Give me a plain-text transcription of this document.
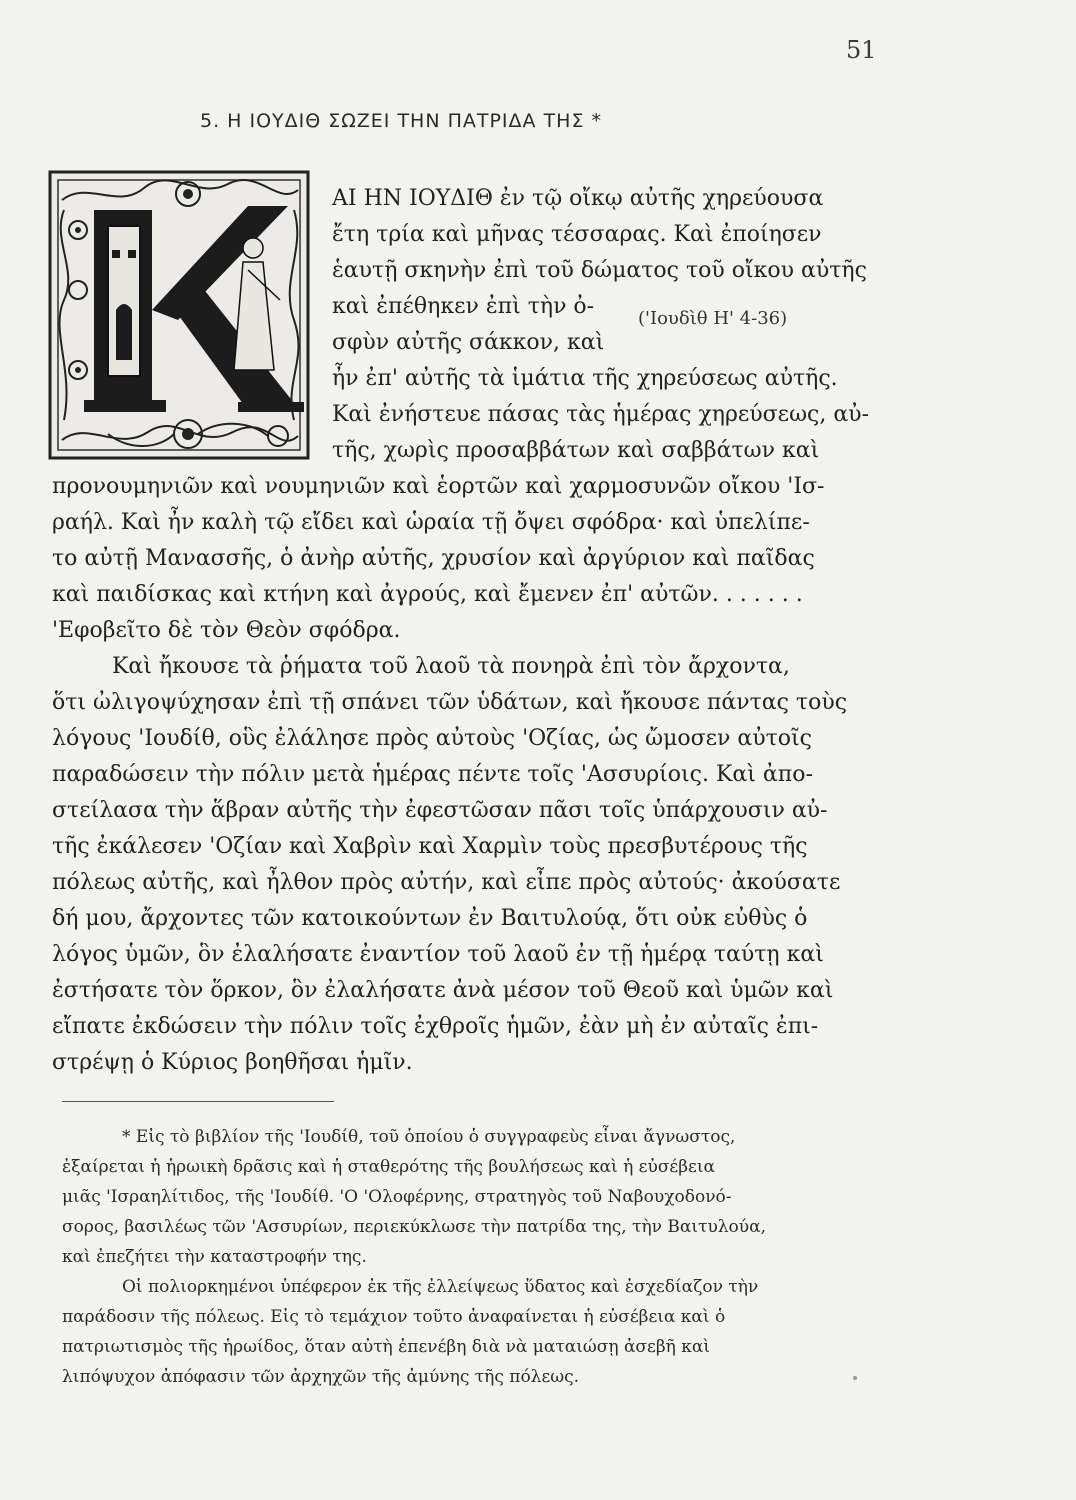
51
5. Η ΙΟΥΔΙΘ ΣΩΖΕΙ ΤΗΝ ΠΑΤΡΙΔΑ ΤΗΣ *
ΑΙ ΗΝ ΙΟΥΔΙΘ ἐν τῷ οἴκῳ αὐτῆς χηρεύουσα
ἔτη τρία καὶ μῆνας τέσσαρας. Καὶ ἐποίησεν
ἑαυτῇ σκηνὴν ἐπὶ τοῦ δώματος τοῦ οἴκου αὐτῆς
καὶ ἐπέθηκεν ἐπὶ τὴν ὀ-
σφὺν αὐτῆς σάκκον, καὶ
ἦν ἐπ' αὐτῆς τὰ ἱμάτια τῆς χηρεύσεως αὐτῆς.
Καὶ ἐνήστευε πάσας τὰς ἡμέρας χηρεύσεως, αὐ-
τῆς, χωρὶς προσαββάτων καὶ σαββάτων καὶ
προνουμηνιῶν καὶ νουμηνιῶν καὶ ἑορτῶν καὶ χαρμοσυνῶν οἴκου 'Ισ-
ραήλ. Καὶ ἦν καλὴ τῷ εἴδει καὶ ὡραία τῇ ὄψει σφόδρα· καὶ ὑπελίπε-
το αὐτῇ Μανασσῆς, ὁ ἀνὴρ αὐτῆς, χρυσίον καὶ ἀργύριον καὶ παῖδας
καὶ παιδίσκας καὶ κτήνη καὶ ἀγρούς, καὶ ἔμενεν ἐπ' αὐτῶν. . . . . . .
'Εφοβεῖτο δὲ τὸν Θεὸν σφόδρα.
Καὶ ἤκουσε τὰ ῥήματα τοῦ λαοῦ τὰ πονηρὰ ἐπὶ τὸν ἄρχοντα,
ὅτι ὠλιγοψύχησαν ἐπὶ τῇ σπάνει τῶν ὑδάτων, καὶ ἤκουσε πάντας τοὺς
λόγους 'Ιουδίθ, οὓς ἐλάλησε πρὸς αὐτοὺς 'Οζίας, ὡς ὤμοσεν αὐτοῖς
παραδώσειν τὴν πόλιν μετὰ ἡμέρας πέντε τοῖς 'Ασσυρίοις. Καὶ ἀπο-
στείλασα τὴν ἅβραν αὐτῆς τὴν ἐφεστῶσαν πᾶσι τοῖς ὑπάρχουσιν αὐ-
τῆς ἐκάλεσεν 'Οζίαν καὶ Χαβρὶν καὶ Χαρμὶν τοὺς πρεσβυτέρους τῆς
πόλεως αὐτῆς, καὶ ἦλθον πρὸς αὐτήν, καὶ εἶπε πρὸς αὐτούς· ἀκούσατε
δή μου, ἄρχοντες τῶν κατοικούντων ἐν Βαιτυλούᾳ, ὅτι οὐκ εὐθὺς ὁ
λόγος ὑμῶν, ὃν ἐλαλήσατε ἐναντίον τοῦ λαοῦ ἐν τῇ ἡμέρᾳ ταύτῃ καὶ
ἐστήσατε τὸν ὅρκον, ὃν ἐλαλήσατε ἀνὰ μέσον τοῦ Θεοῦ καὶ ὑμῶν καὶ
εἴπατε ἐκδώσειν τὴν πόλιν τοῖς ἐχθροῖς ἡμῶν, ἐὰν μὴ ἐν αὐταῖς ἐπι-
στρέψῃ ὁ Κύριος βοηθῆσαι ἡμῖν.
('Ιουδὶθ Η' 4-36)
* Εἰς τὸ βιβλίον τῆς 'Ιουδίθ, τοῦ ὁποίου ὁ συγγραφεὺς εἶναι ἄγνωστος,
ἐξαίρεται ἡ ἡρωικὴ δρᾶσις καὶ ἡ σταθερότης τῆς βουλήσεως καὶ ἡ εὐσέβεια
μιᾶς 'Ισραηλίτιδος, τῆς 'Ιουδίθ. 'Ο 'Ολοφέρνης, στρατηγὸς τοῦ Ναβουχοδονό-
σορος, βασιλέως τῶν 'Ασσυρίων, περιεκύκλωσε τὴν πατρίδα της, τὴν Βαιτυλούα,
καὶ ἐπεζήτει τὴν καταστροφήν της.
Οἱ πολιορκημένοι ὑπέφερον ἐκ τῆς ἐλλείψεως ὕδατος καὶ ἐσχεδίαζον τὴν
παράδοσιν τῆς πόλεως. Εἰς τὸ τεμάχιον τοῦτο ἀναφαίνεται ἡ εὐσέβεια καὶ ὁ
πατριωτισμὸς τῆς ἡρωίδος, ὅταν αὐτὴ ἐπενέβη διὰ νὰ ματαιώσῃ ἀσεβῆ καὶ
λιπόψυχον ἀπόφασιν τῶν ἀρχηχῶν τῆς ἀμύνης τῆς πόλεως.
